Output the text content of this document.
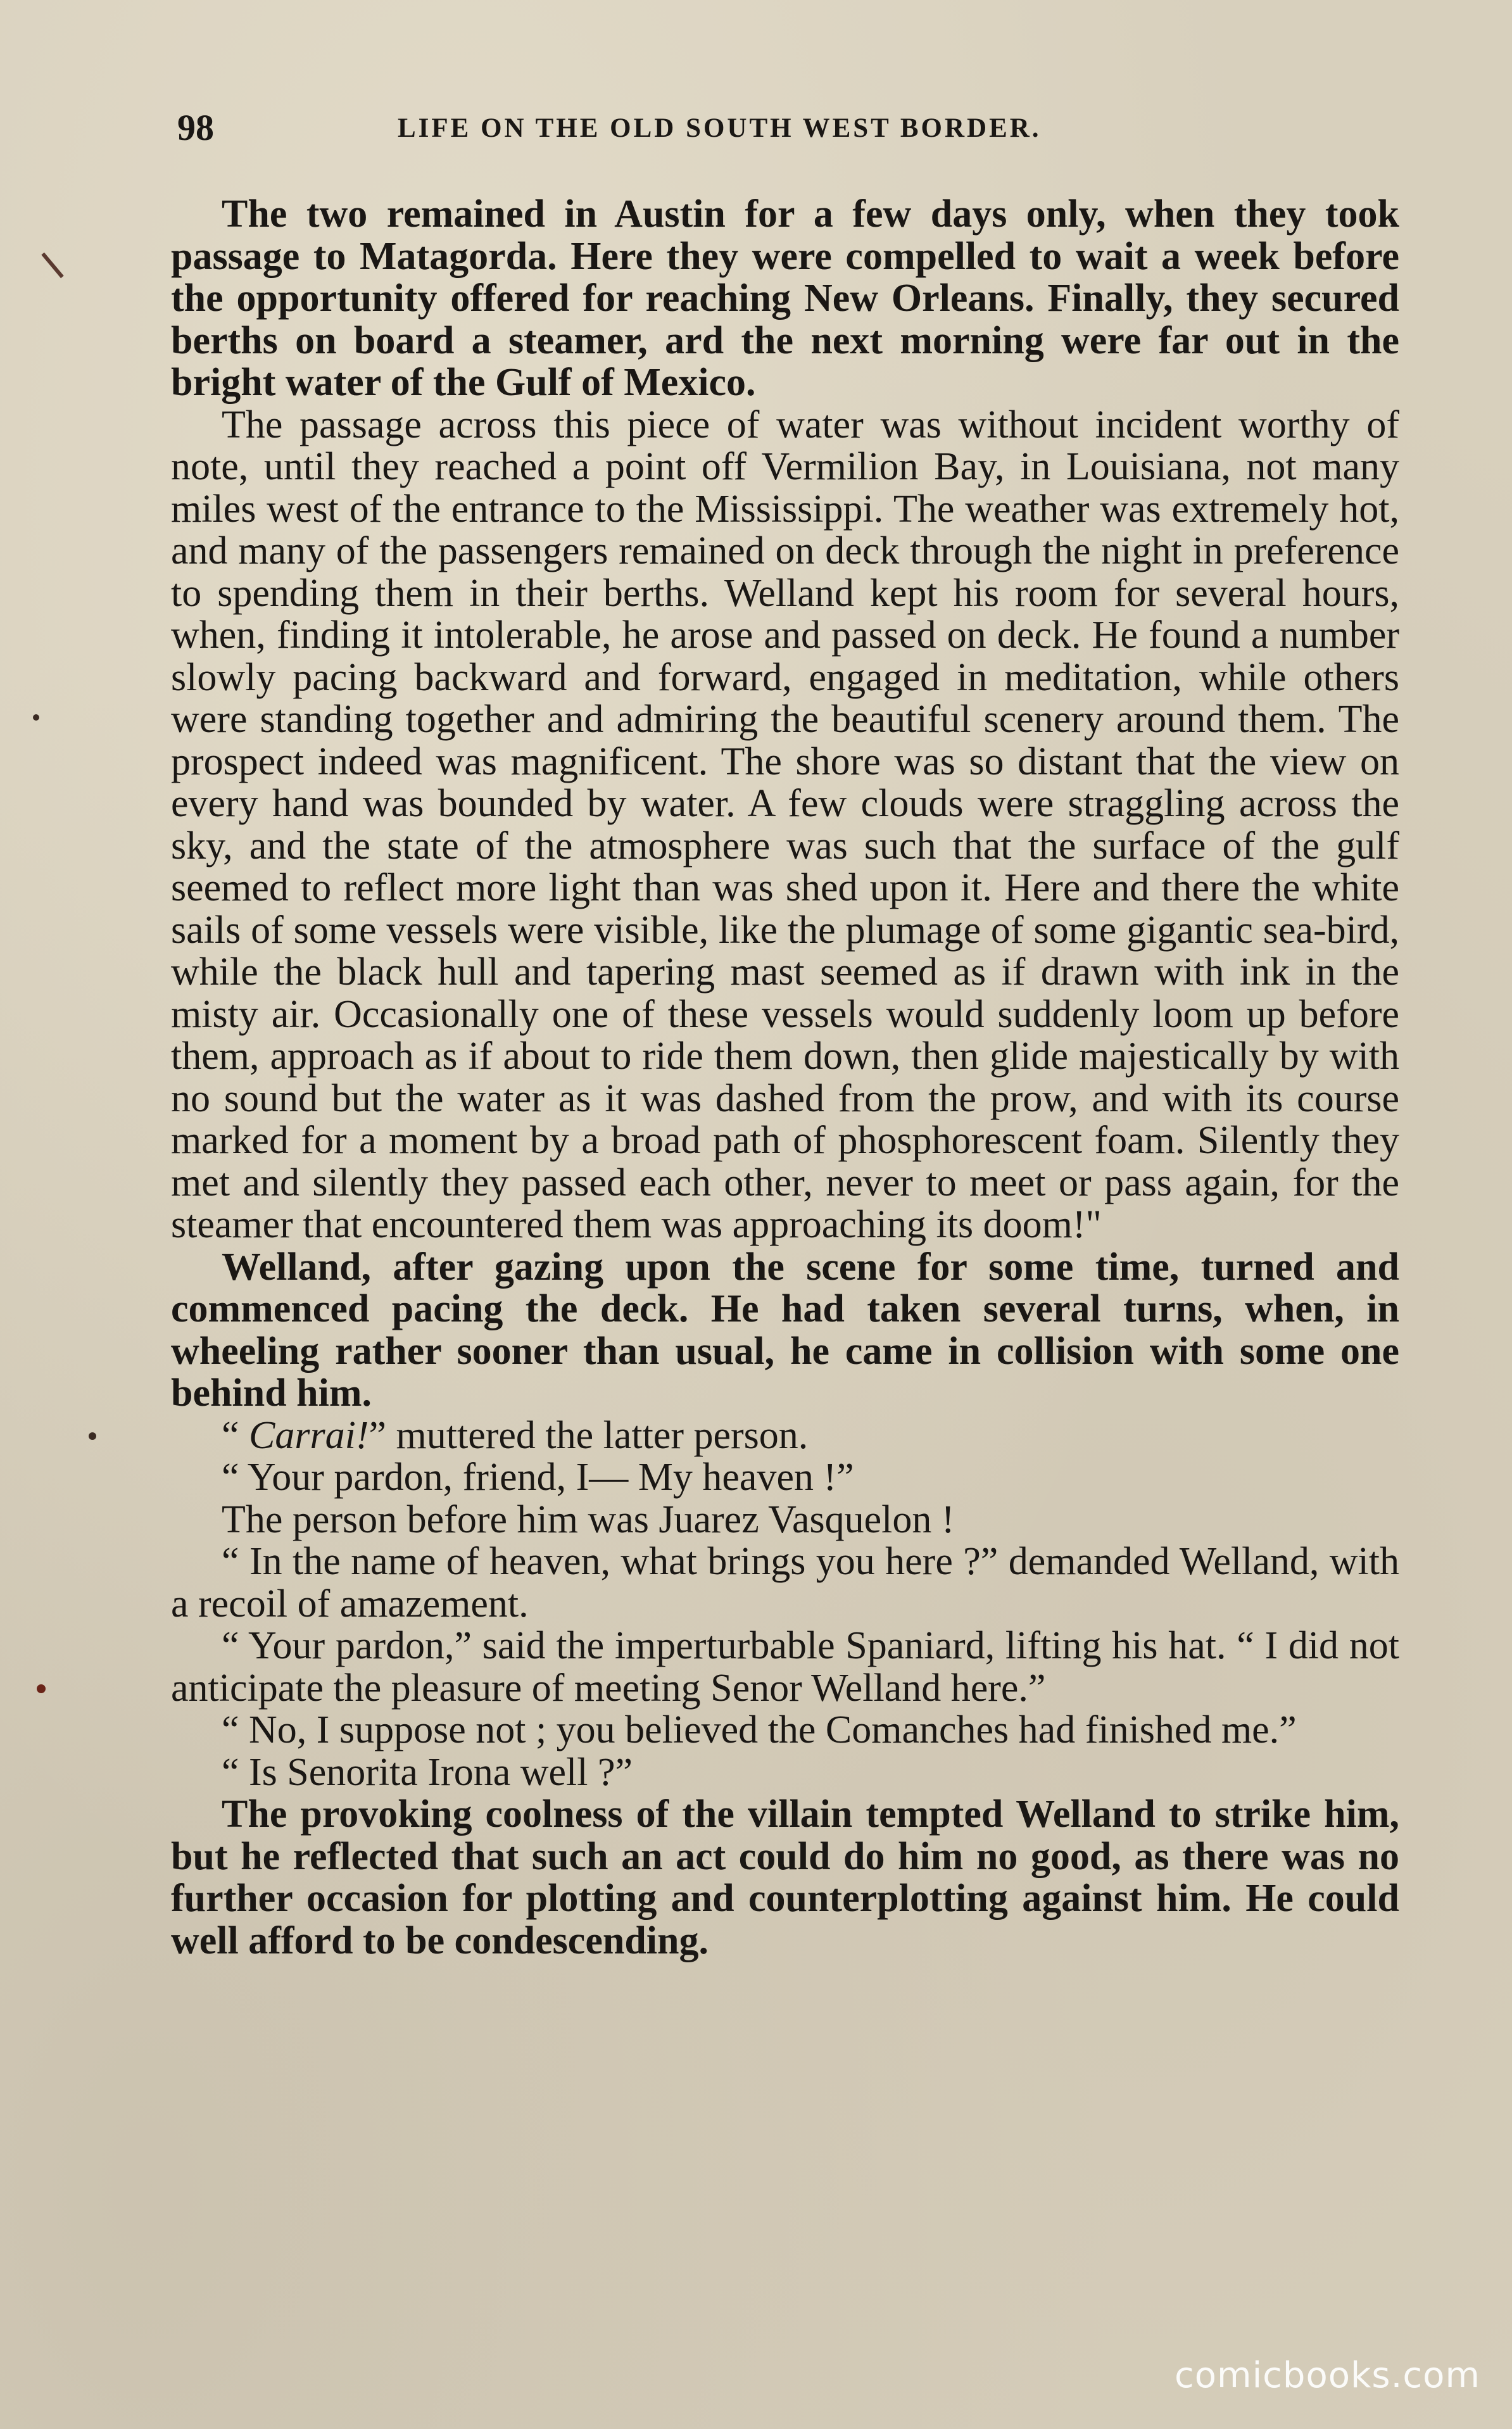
98	LIFE ON THE OLD SOUTH WEST BORDER.

The two remained in Austin for a few days only, when they took passage to Matagorda. Here they were compelled to wait a week before the opportunity offered for reaching New Orleans. Finally, they secured berths on board a steamer, ard the next morning were far out in the bright water of the Gulf of Mexico.

The passage across this piece of water was without incident worthy of note, until they reached a point off Vermilion Bay, in Louisiana, not many miles west of the entrance to the Mississippi. The weather was extremely hot, and many of the passengers remained on deck through the night in preference to spending them in their berths. Welland kept his room for several hours, when, finding it intolerable, he arose and passed on deck. He found a number slowly pacing backward and forward, engaged in meditation, while others were standing together and admiring the beautiful scenery around them. The prospect indeed was magnificent. The shore was so distant that the view on every hand was bounded by water. A few clouds were straggling across the sky, and the state of the atmosphere was such that the surface of the gulf seemed to reflect more light than was shed upon it. Here and there the white sails of some vessels were visible, like the plumage of some gigantic sea-bird, while the black hull and tapering mast seemed as if drawn with ink in the misty air. Occasionally one of these vessels would suddenly loom up before them, approach as if about to ride them down, then glide majestically by with no sound but the water as it was dashed from the prow, and with its course marked for a moment by a broad path of phosphorescent foam. Silently they met and silently they passed each other, never to meet or pass again, for the steamer that encountered them was approaching its doom!"

Welland, after gazing upon the scene for some time, turned and commenced pacing the deck. He had taken several turns, when, in wheeling rather sooner than usual, he came in collision with some one behind him.

“ Carrai!” muttered the latter person.

“ Your pardon, friend, I— My heaven !”

The person before him was Juarez Vasquelon !

“ In the name of heaven, what brings you here ?” demanded Welland, with a recoil of amazement.

“ Your pardon,” said the imperturbable Spaniard, lifting his hat. “ I did not anticipate the pleasure of meeting Senor Welland here.”

“ No, I suppose not ; you believed the Comanches had finished me.”

“ Is Senorita Irona well ?”

The provoking coolness of the villain tempted Welland to strike him, but he reflected that such an act could do him no good, as there was no further occasion for plotting and counterplotting against him. He could well afford to be condescending.

comicbooks.com
